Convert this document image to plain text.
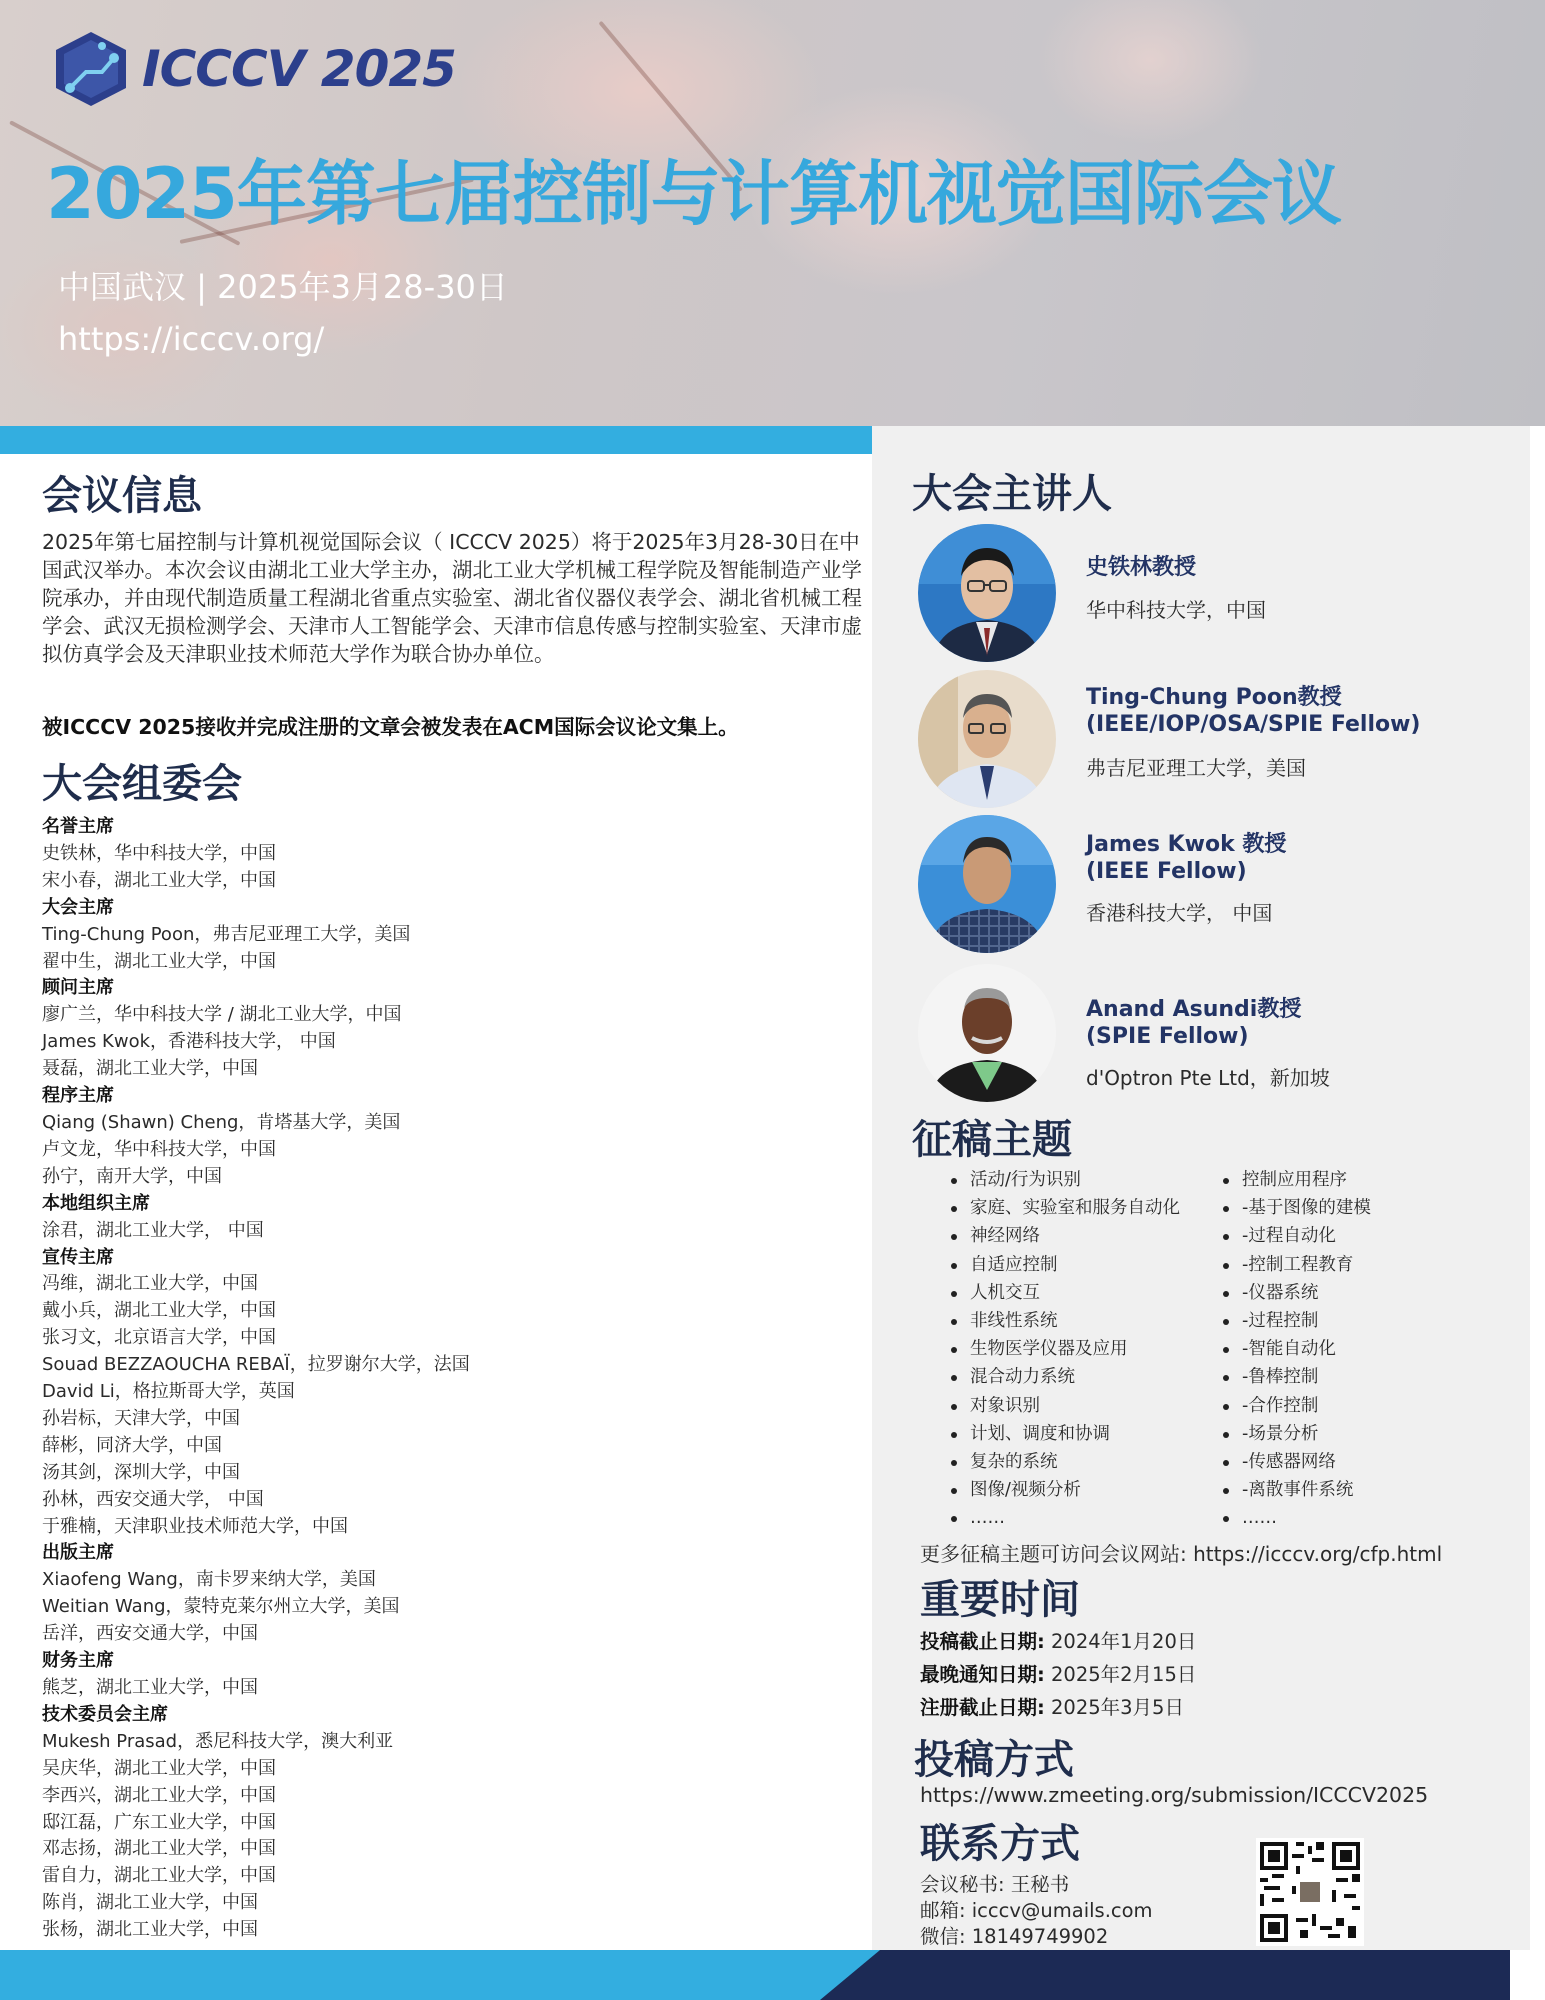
ICCCV 2025
2025年第七届控制与计算机视觉国际会议
中国武汉 | 2025年3月28-30日
https://icccv.org/
会议信息
2025年第七届控制与计算机视觉国际会议（ ICCCV 2025）将于2025年3月28-30日在中国武汉举办。本次会议由湖北工业大学主办，湖北工业大学机械工程学院及智能制造产业学院承办，并由现代制造质量工程湖北省重点实验室、湖北省仪器仪表学会、湖北省机械工程学会、武汉无损检测学会、天津市人工智能学会、天津市信息传感与控制实验室、天津市虚拟仿真学会及天津职业技术师范大学作为联合协办单位。
被ICCCV 2025接收并完成注册的文章会被发表在ACM国际会议论文集上。
大会组委会
名誉主席
史铁林，华中科技大学，中国
宋小春，湖北工业大学，中国
大会主席
Ting-Chung Poon，弗吉尼亚理工大学，美国
翟中生，湖北工业大学，中国
顾问主席
廖广兰，华中科技大学 / 湖北工业大学，中国
James Kwok，香港科技大学， 中国
聂磊，湖北工业大学，中国
程序主席
Qiang (Shawn) Cheng，肯塔基大学，美国
卢文龙，华中科技大学，中国
孙宁，南开大学，中国
本地组织主席
涂君，湖北工业大学， 中国
宣传主席
冯维，湖北工业大学，中国
戴小兵，湖北工业大学，中国
张习文，北京语言大学，中国
Souad BEZZAOUCHA REBAÏ，拉罗谢尔大学，法国
David Li，格拉斯哥大学，英国
孙岩标，天津大学，中国
薛彬，同济大学，中国
汤其剑，深圳大学，中国
孙林，西安交通大学， 中国
于雅楠，天津职业技术师范大学，中国
出版主席
Xiaofeng Wang，南卡罗来纳大学，美国
Weitian Wang，蒙特克莱尔州立大学，美国
岳洋，西安交通大学，中国
财务主席
熊芝，湖北工业大学，中国
技术委员会主席
Mukesh Prasad，悉尼科技大学，澳大利亚
吴庆华，湖北工业大学，中国
李西兴，湖北工业大学，中国
邸江磊，广东工业大学，中国
邓志扬，湖北工业大学，中国
雷自力，湖北工业大学，中国
陈肖，湖北工业大学，中国
张杨，湖北工业大学，中国
大会主讲人
史铁林教授
华中科技大学，中国
Ting-Chung Poon教授
(IEEE/IOP/OSA/SPIE Fellow)
弗吉尼亚理工大学，美国
James Kwok 教授
(IEEE Fellow)
香港科技大学， 中国
Anand Asundi教授
(SPIE Fellow)
d'Optron Pte Ltd，新加坡
征稿主题
活动/行为识别
家庭、实验室和服务自动化
神经网络
自适应控制
人机交互
非线性系统
生物医学仪器及应用
混合动力系统
对象识别
计划、调度和协调
复杂的系统
图像/视频分析
……
控制应用程序
-基于图像的建模
-过程自动化
-控制工程教育
-仪器系统
-过程控制
-智能自动化
-鲁棒控制
-合作控制
-场景分析
-传感器网络
-离散事件系统
……
更多征稿主题可访问会议网站: https://icccv.org/cfp.html
重要时间
投稿截止日期: 2024年1月20日
最晚通知日期: 2025年2月15日
注册截止日期: 2025年3月5日
投稿方式
https://www.zmeeting.org/submission/ICCCV2025
联系方式
会议秘书: 王秘书
邮箱: icccv@umails.com
微信: 18149749902
